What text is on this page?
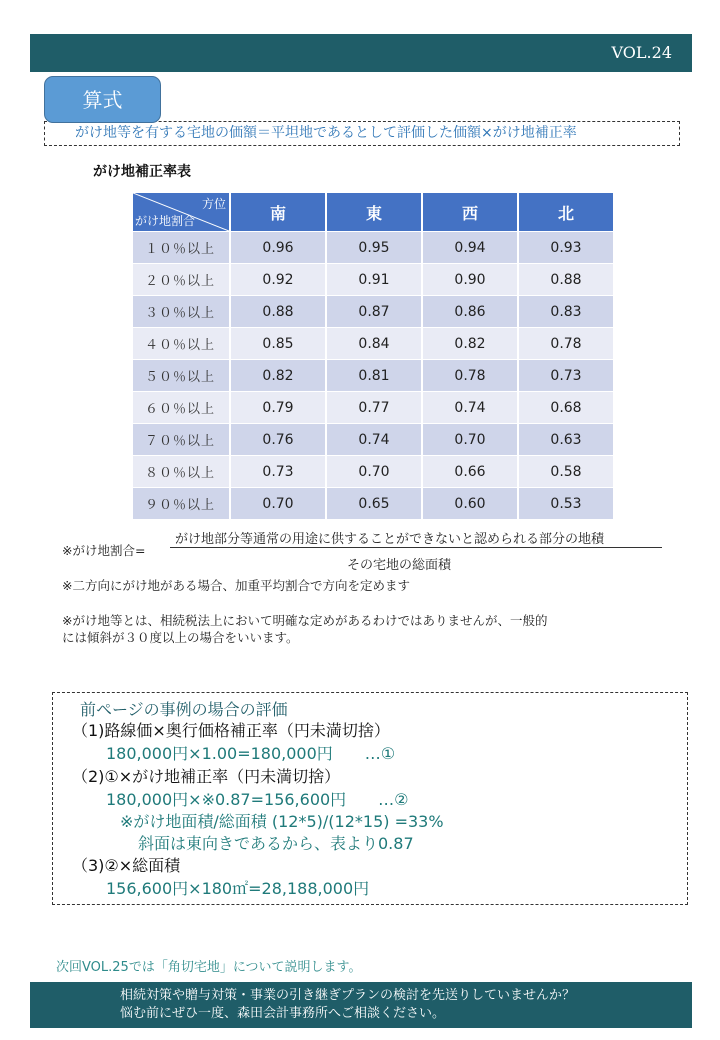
VOL.24
がけ地等を有する宅地の価額＝平坦地であるとして評価した価額×がけ地補正率
算式
がけ地補正率表
方位
がけ地割合	南	東	西	北
１０％以上	0.96	0.95	0.94	0.93
２０％以上	0.92	0.91	0.90	0.88
３０％以上	0.88	0.87	0.86	0.83
４０％以上	0.85	0.84	0.82	0.78
５０％以上	0.82	0.81	0.78	0.73
６０％以上	0.79	0.77	0.74	0.68
７０％以上	0.76	0.74	0.70	0.63
８０％以上	0.73	0.70	0.66	0.58
９０％以上	0.70	0.65	0.60	0.53
※がけ地割合=
がけ地部分等通常の用途に供することができないと認められる部分の地積
その宅地の総面積
※二方向にがけ地がある場合、加重平均割合で方向を定めます
※がけ地等とは、相続税法上において明確な定めがあるわけではありませんが、一般的
には傾斜が３０度以上の場合をいいます。
前ページの事例の場合の評価
（1)路線価×奥行価格補正率（円未満切捨）
180,000円×1.00=180,000円　　…①
（2)①×がけ地補正率（円未満切捨）
180,000円×※0.87=156,600円　　…②
※がけ地面積/総面積 (12*5)/(12*15) =33%
斜面は東向きであるから、表より0.87
（3)②×総面積
156,600円×180㎡=28,188,000円
次回VOL.25では「角切宅地」について説明します。
相続対策や贈与対策・事業の引き継ぎプランの検討を先送りしていませんか？
悩む前にぜひ一度、森田会計事務所へご相談ください。
